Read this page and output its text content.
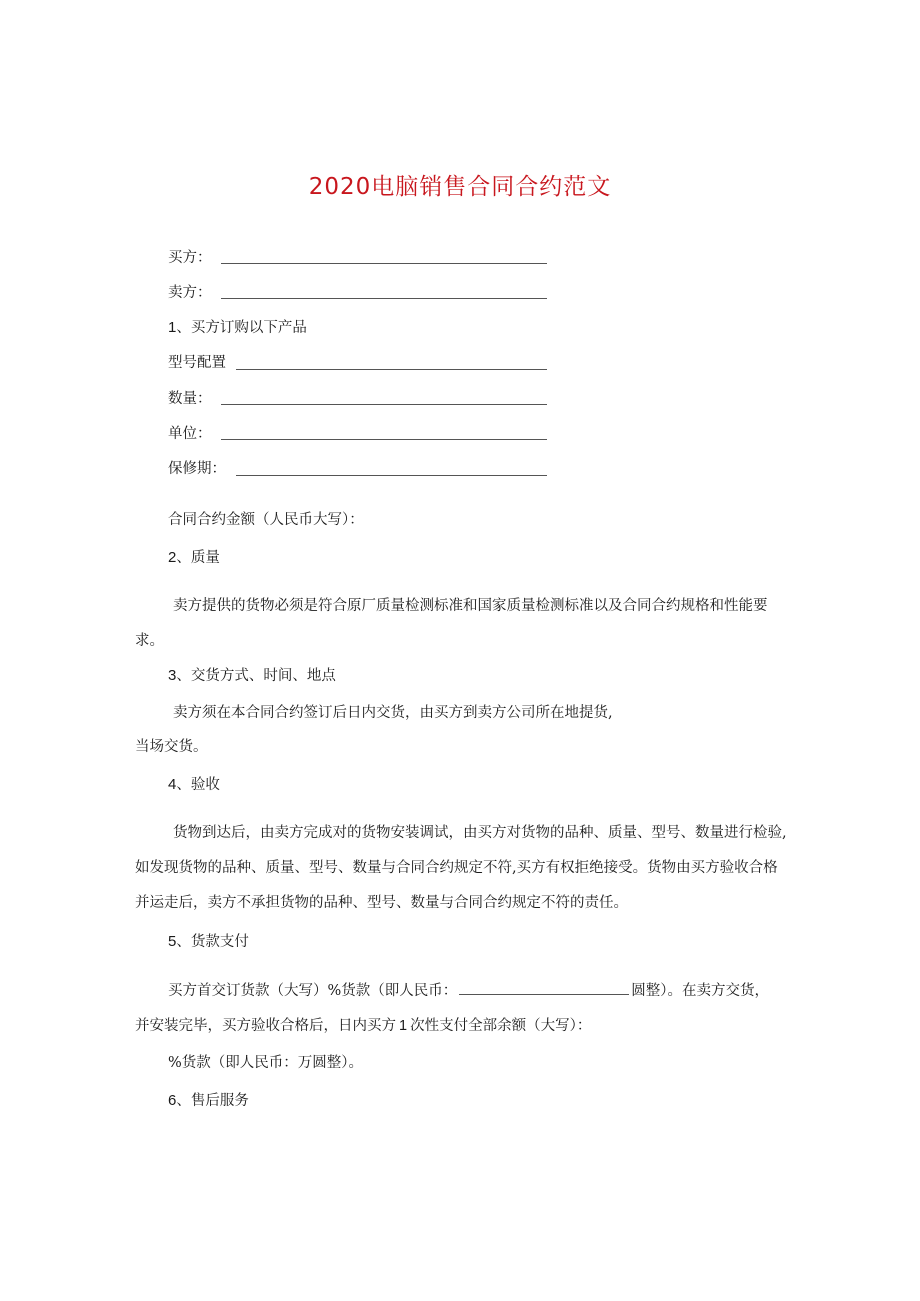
2020电脑销售合同合约范文
买方：
卖方：
1、买方订购以下产品
型号配置
数量：
单位：
保修期：
合同合约金额（人民币大写）：
2、质量
卖方提供的货物必须是符合原厂质量检测标准和国家质量检测标准以及合同合约规格和性能要求。
3、交货方式、时间、地点
卖方须在本合同合约签订后日内交货，由买方到卖方公司所在地提货,
当场交货。
4、验收
货物到达后，由卖方完成对的货物安装调试，由买方对货物的品种、质量、型号、数量进行检验,如发现货物的品种、质量、型号、数量与合同合约规定不符,买方有权拒绝接受。货物由买方验收合格并运走后，卖方不承担货物的品种、型号、数量与合同合约规定不符的责任。
5、货款支付
买方首交订货款（大写）%货款（即人民币：	圆整）。在卖方交货，并安装完毕，买方验收合格后，日内买方 1 次性支付全部余额（大写）：
%货款（即人民币：万圆整）。
6、售后服务
